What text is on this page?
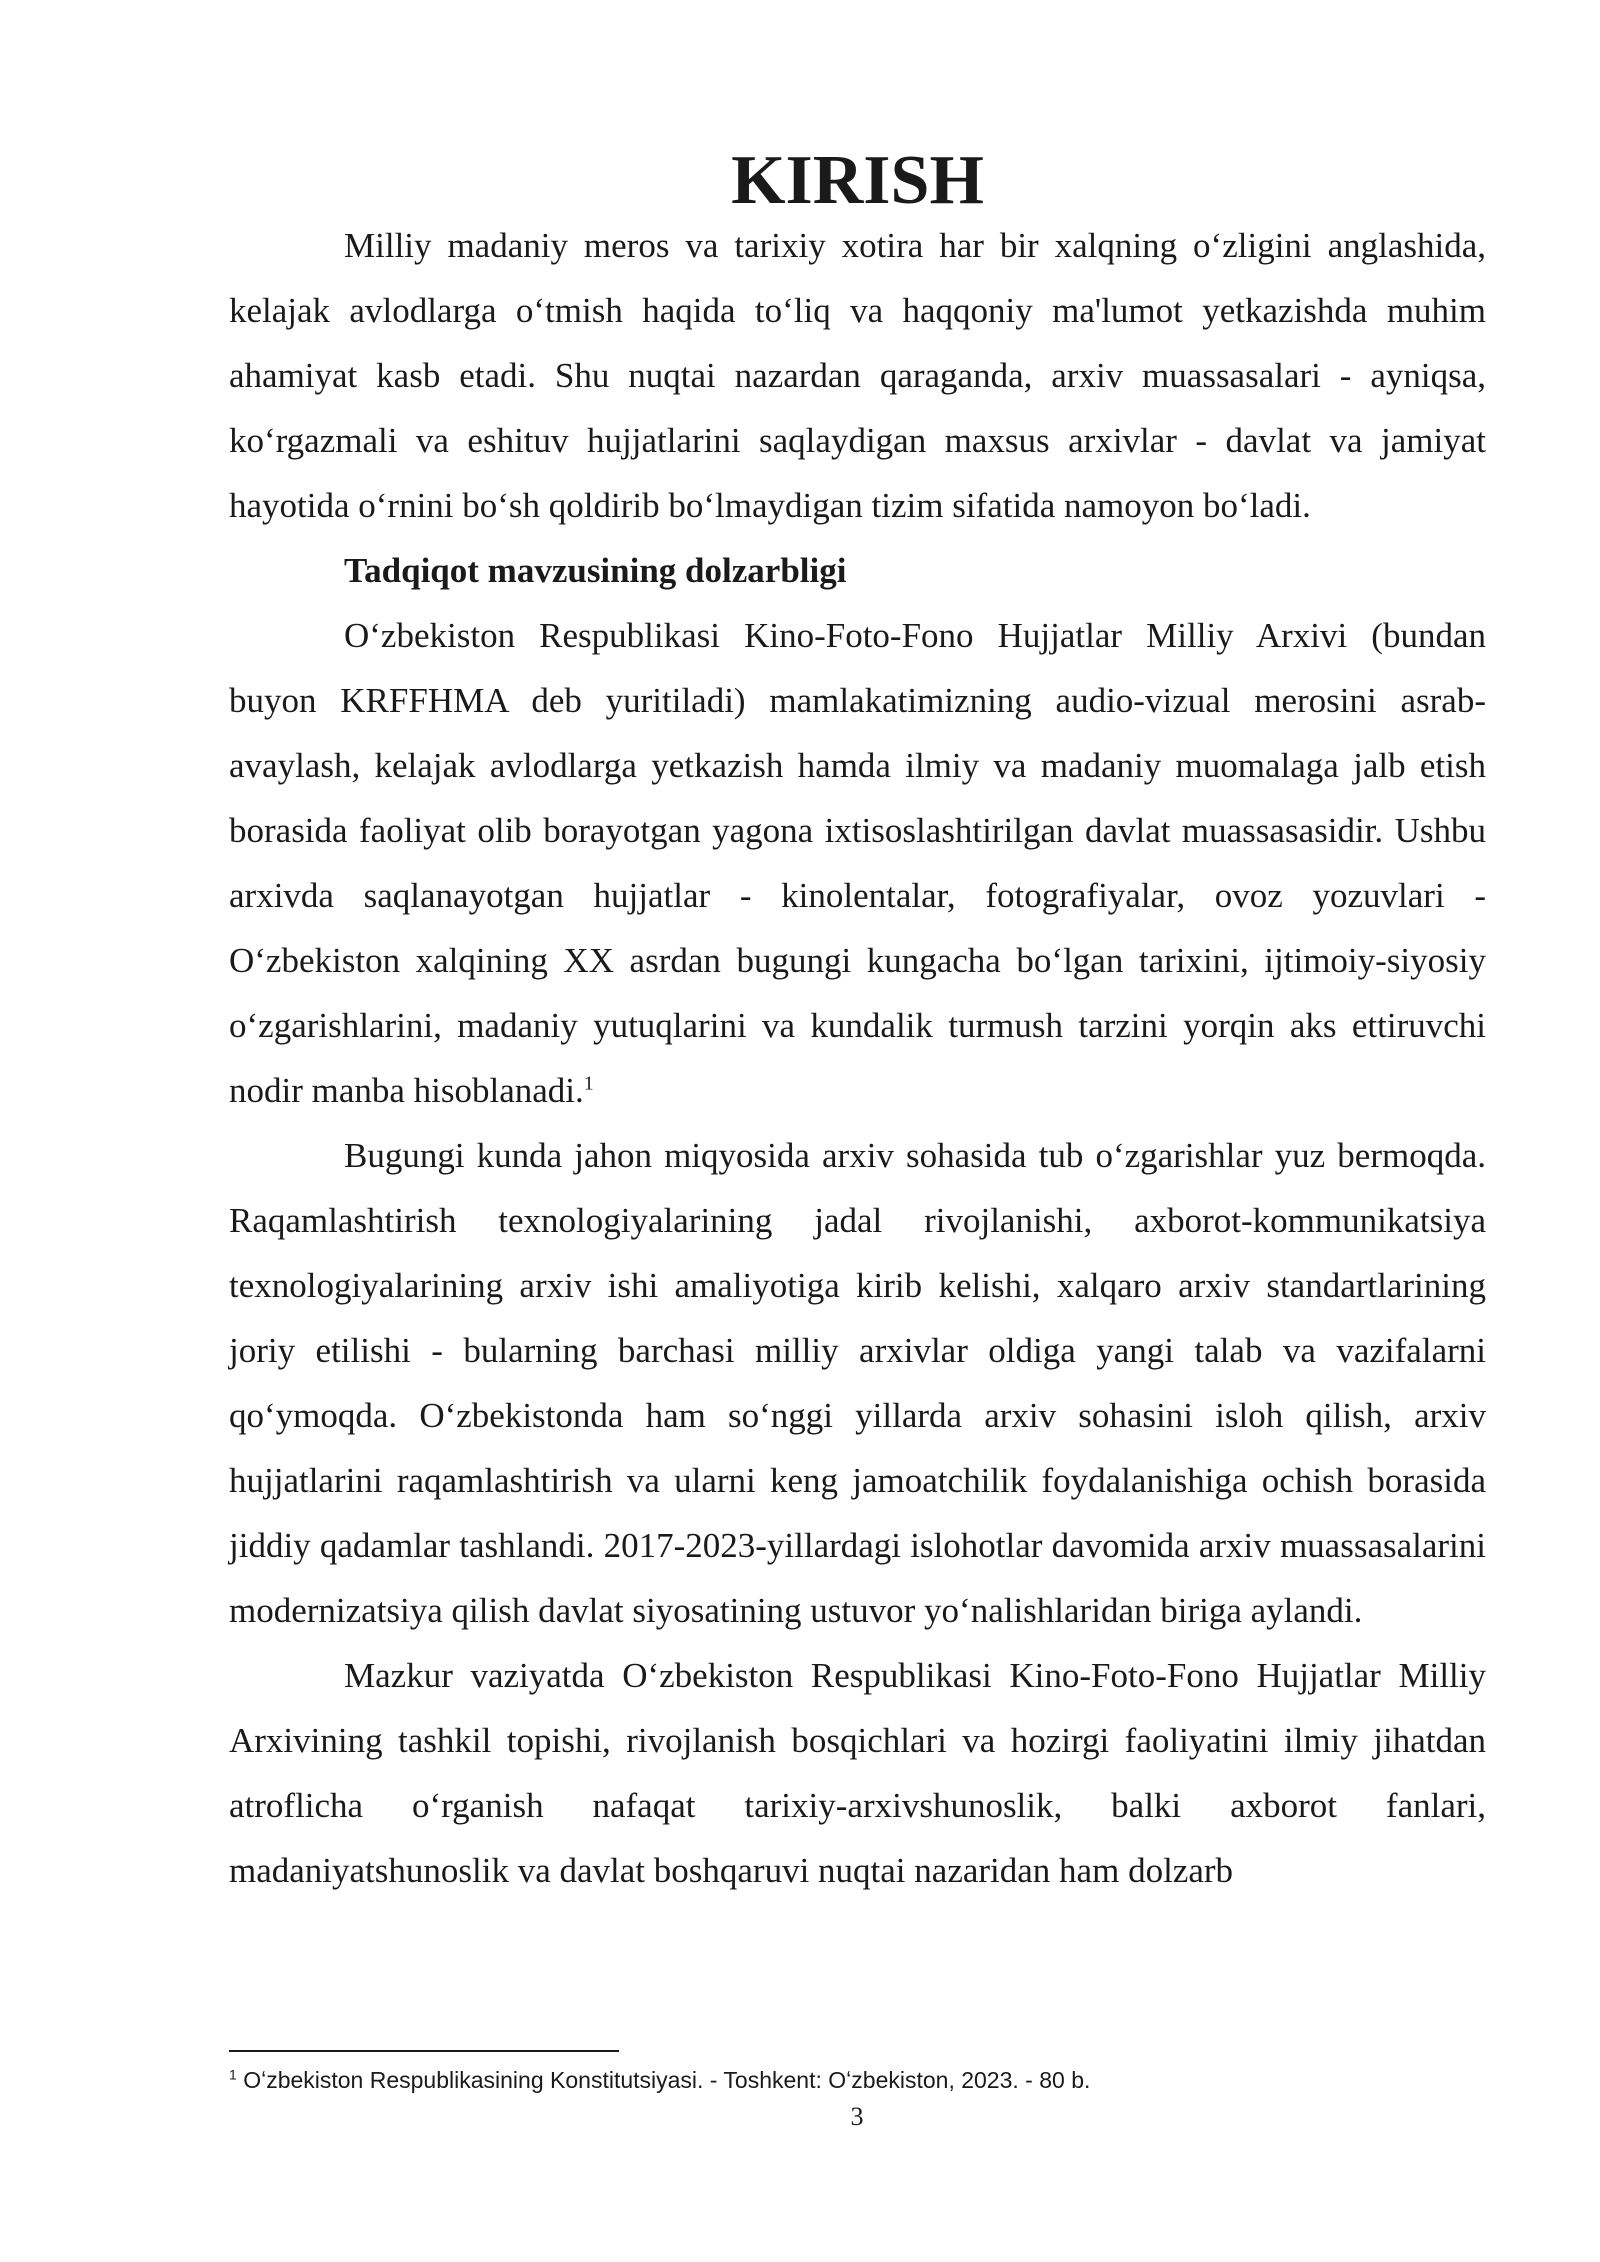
KIRISH

Milliy madaniy meros va tarixiy xotira har bir xalqning oʻzligini anglashida, kelajak avlodlarga oʻtmish haqida toʻliq va haqqoniy ma'lumot yetkazishda muhim ahamiyat kasb etadi. Shu nuqtai nazardan qaraganda, arxiv muassasalari - ayniqsa, koʻrgazmali va eshituv hujjatlarini saqlaydigan maxsus arxivlar - davlat va jamiyat hayotida oʻrnini boʻsh qoldirib boʻlmaydigan tizim sifatida namoyon boʻladi.

Tadqiqot mavzusining dolzarbligi

Oʻzbekiston Respublikasi Kino-Foto-Fono Hujjatlar Milliy Arxivi (bundan buyon KRFFHMA deb yuritiladi) mamlakatimizning audio-vizual merosini asrab-avaylash, kelajak avlodlarga yetkazish hamda ilmiy va madaniy muomalaga jalb etish borasida faoliyat olib borayotgan yagona ixtisoslashtirilgan davlat muassasasidir. Ushbu arxivda saqlanayotgan hujjatlar - kinolentalar, fotografiyalar, ovoz yozuvlari - Oʻzbekiston xalqining XX asrdan bugungi kungacha boʻlgan tarixini, ijtimoiy-siyosiy oʻzgarishlarini, madaniy yutuqlarini va kundalik turmush tarzini yorqin aks ettiruvchi nodir manba hisoblanadi.$^1$

Bugungi kunda jahon miqyosida arxiv sohasida tub oʻzgarishlar yuz bermoqda. Raqamlashtirish texnologiyalarining jadal rivojlanishi, axborot-kommunikatsiya texnologiyalarining arxiv ishi amaliyotiga kirib kelishi, xalqaro arxiv standartlarining joriy etilishi - bularning barchasi milliy arxivlar oldiga yangi talab va vazifalarni qoʻymoqda. Oʻzbekistonda ham soʻnggi yillarda arxiv sohasini isloh qilish, arxiv hujjatlarini raqamlashtirish va ularni keng jamoatchilik foydalanishiga ochish borasida jiddiy qadamlar tashlandi. 2017-2023-yillardagi islohotlar davomida arxiv muassasalarini modernizatsiya qilish davlat siyosatining ustuvor yoʻnalishlaridan biriga aylandi.

Mazkur vaziyatda Oʻzbekiston Respublikasi Kino-Foto-Fono Hujjatlar Milliy Arxivining tashkil topishi, rivojlanish bosqichlari va hozirgi faoliyatini ilmiy jihatdan atroflicha oʻrganish nafaqat tarixiy-arxivshunoslik, balki axborot fanlari, madaniyatshunoslik va davlat boshqaruvi nuqtai nazaridan ham dolzarb

$^1$ Oʻzbekiston Respublikasining Konstitutsiyasi. - Toshkent: Oʻzbekiston, 2023. - 80 b.
3
